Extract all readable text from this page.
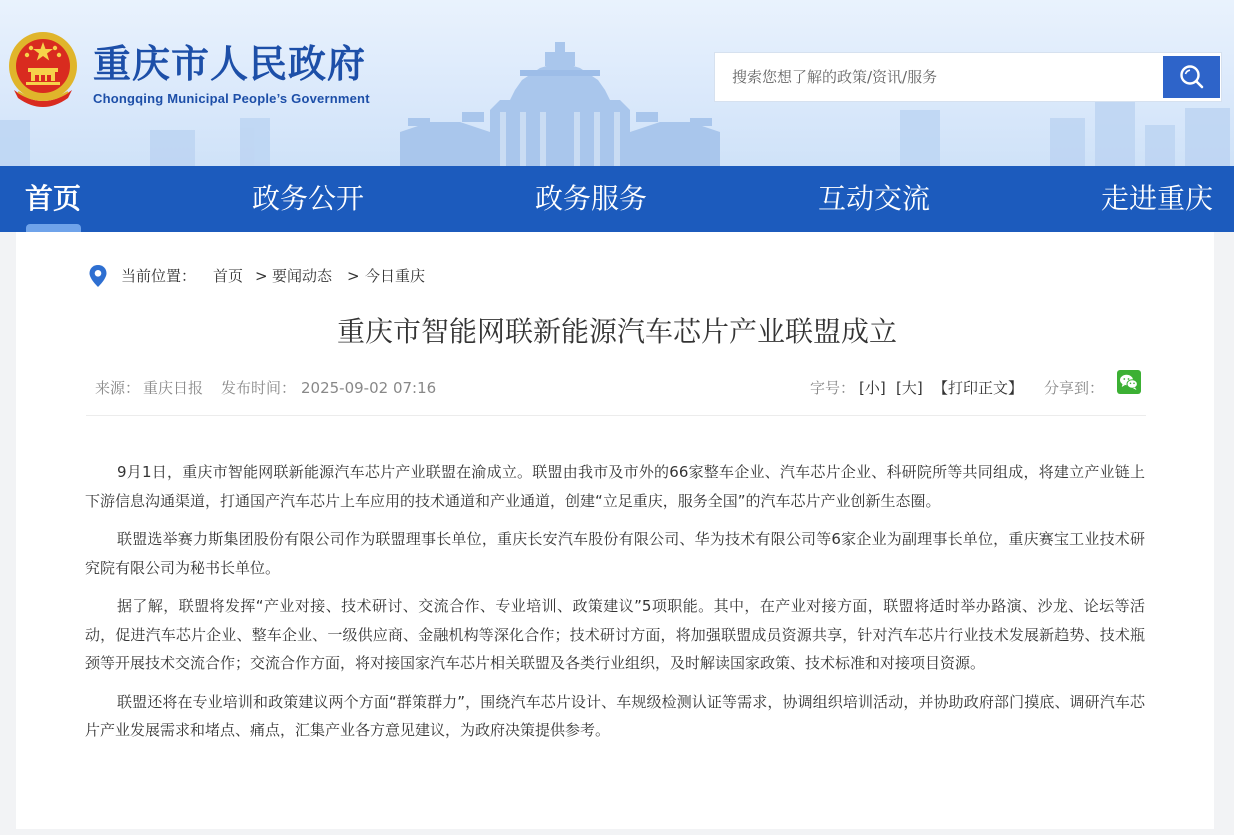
重庆市人民政府
Chongqing Municipal People’s Government
搜索您想了解的政策/资讯/服务
首页	政务公开	政务服务	互动交流	走进重庆
当前位置： 首页 > 要闻动态 > 今日重庆
重庆市智能网联新能源汽车芯片产业联盟成立
来源： 重庆日报 发布时间： 2025-09-02 07:16	字号： [小] [大] 【打印正文】 分享到：

9月1日，重庆市智能网联新能源汽车芯片产业联盟在渝成立。联盟由我市及市外的66家整车企业、汽车芯片企业、科研院所等共同组成，将建立产业链上下游信息沟通渠道，打通国产汽车芯片上车应用的技术通道和产业通道，创建“立足重庆，服务全国”的汽车芯片产业创新生态圈。

联盟选举赛力斯集团股份有限公司作为联盟理事长单位，重庆长安汽车股份有限公司、华为技术有限公司等6家企业为副理事长单位，重庆赛宝工业技术研究院有限公司为秘书长单位。

据了解，联盟将发挥“产业对接、技术研讨、交流合作、专业培训、政策建议”5项职能。其中，在产业对接方面，联盟将适时举办路演、沙龙、论坛等活动，促进汽车芯片企业、整车企业、一级供应商、金融机构等深化合作；技术研讨方面，将加强联盟成员资源共享，针对汽车芯片行业技术发展新趋势、技术瓶颈等开展技术交流合作；交流合作方面，将对接国家汽车芯片相关联盟及各类行业组织，及时解读国家政策、技术标准和对接项目资源。

联盟还将在专业培训和政策建议两个方面“群策群力”，围绕汽车芯片设计、车规级检测认证等需求，协调组织培训活动，并协助政府部门摸底、调研汽车芯片产业发展需求和堵点、痛点，汇集产业各方意见建议，为政府决策提供参考。
